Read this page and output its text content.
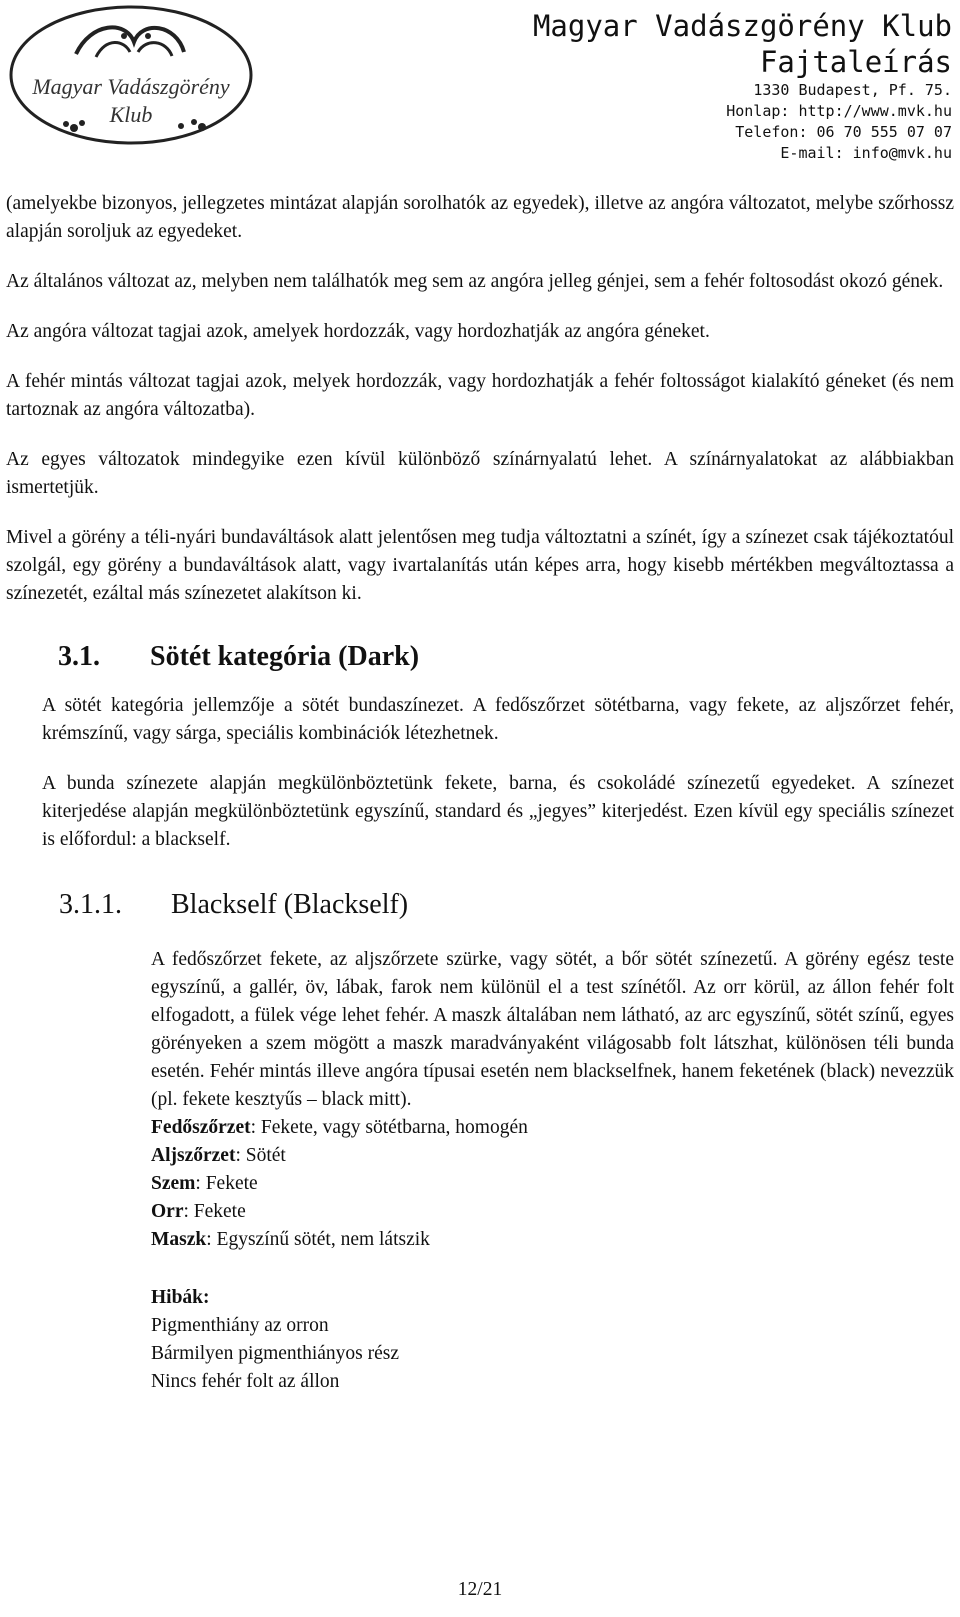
Magyar Vadászgörény
Klub
Magyar Vadászgörény Klub
Fajtaleírás
1330 Budapest, Pf. 75.
Honlap: http://www.mvk.hu
Telefon: 06 70 555 07 07
E-mail: info@mvk.hu

(amelyekbe bizonyos, jellegzetes mintázat alapján sorolhatók az egyedek), illetve az angóra változatot, melybe szőrhossz alapján soroljuk az egyedeket.

Az általános változat az, melyben nem találhatók meg sem az angóra jelleg génjei, sem a fehér foltosodást okozó gének.

Az angóra változat tagjai azok, amelyek hordozzák, vagy hordozhatják az angóra géneket.

A fehér mintás változat tagjai azok, melyek hordozzák, vagy hordozhatják a fehér foltosságot kialakító géneket (és nem tartoznak az angóra változatba).

Az egyes változatok mindegyike ezen kívül különböző színárnyalatú lehet. A színárnyalatokat az alábbiakban ismertetjük.

Mivel a görény a téli-nyári bundaváltások alatt jelentősen meg tudja változtatni a színét, így a színezet csak tájékoztatóul szolgál, egy görény a bundaváltások alatt, vagy ivartalanítás után képes arra, hogy kisebb mértékben megváltoztassa a színezetét, ezáltal más színezetet alakítson ki.

3.1. Sötét kategória (Dark)

A sötét kategória jellemzője a sötét bundaszínezet. A fedőszőrzet sötétbarna, vagy fekete, az aljszőrzet fehér, krémszínű, vagy sárga, speciális kombinációk létezhetnek.

A bunda színezete alapján megkülönböztetünk fekete, barna, és csokoládé színezetű egyedeket. A színezet kiterjedése alapján megkülönböztetünk egyszínű, standard és „jegyes” kiterjedést. Ezen kívül egy speciális színezet is előfordul: a blackself.

3.1.1. Blackself (Blackself)

A fedőszőrzet fekete, az aljszőrzete szürke, vagy sötét, a bőr sötét színezetű. A görény egész teste egyszínű, a gallér, öv, lábak, farok nem különül el a test színétől. Az orr körül, az állon fehér folt elfogadott, a fülek vége lehet fehér. A maszk általában nem látható, az arc egyszínű, sötét színű, egyes görényeken a szem mögött a maszk maradványaként világosabb folt látszhat, különösen téli bunda esetén. Fehér mintás illeve angóra típusai esetén nem blackselfnek, hanem feketének (black) nevezzük (pl. fekete kesztyűs – black mitt).

Fedőszőrzet: Fekete, vagy sötétbarna, homogén
Aljszőrzet: Sötét
Szem: Fekete
Orr: Fekete
Maszk: Egyszínű sötét, nem látszik
Hibák:
Pigmenthiány az orron
Bármilyen pigmenthiányos rész
Nincs fehér folt az állon
12/21
